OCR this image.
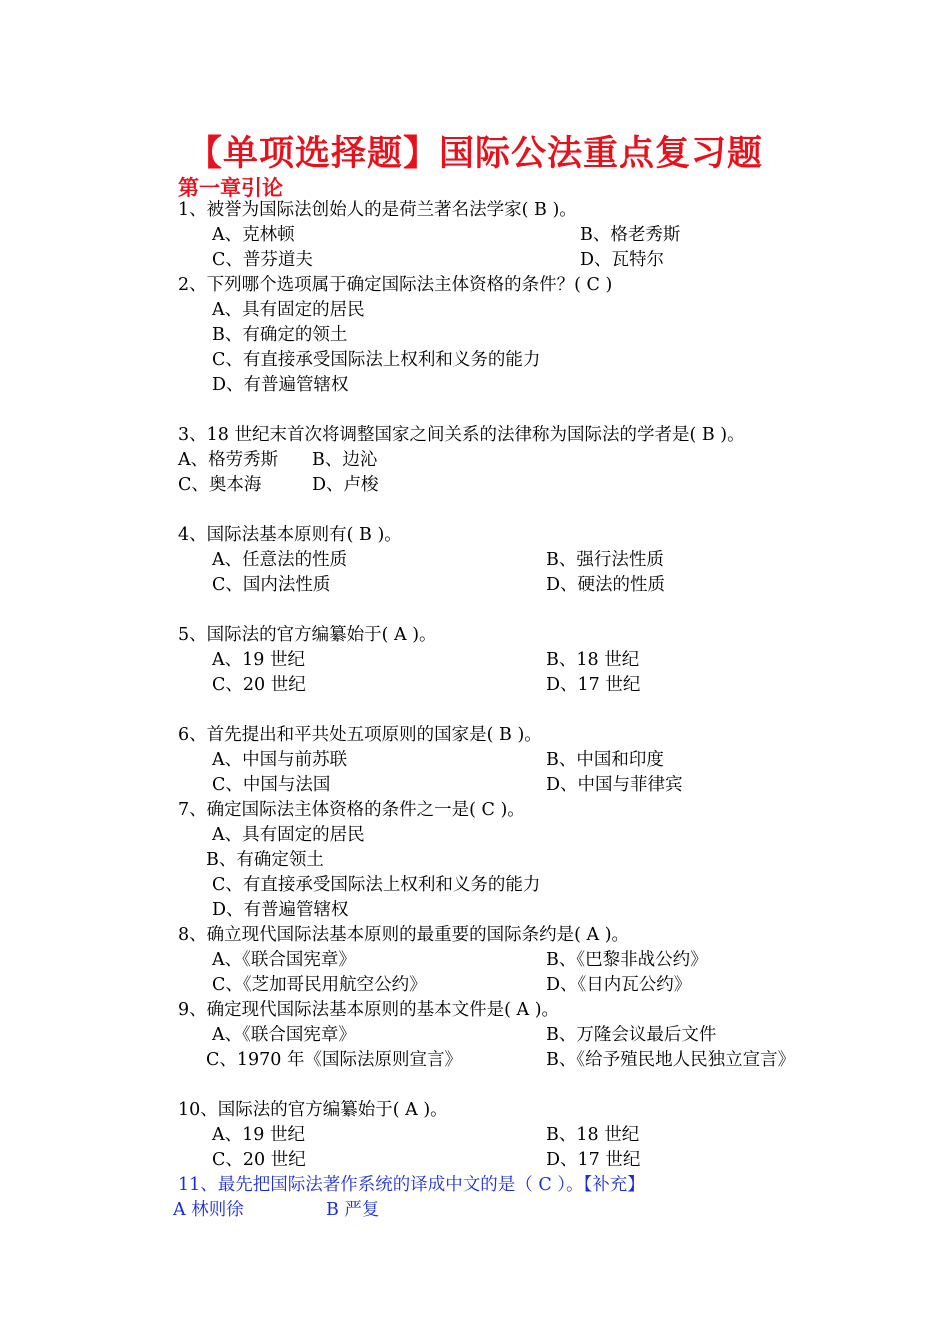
【单项选择题】国际公法重点复习题
第一章引论
1、被誉为国际法创始人的是荷兰著名法学家( B )。
A、克林顿	B、格老秀斯
C、普芬道夫	D、瓦特尔
2、下列哪个选项属于确定国际法主体资格的条件？( C )
A、具有固定的居民
B、有确定的领土
C、有直接承受国际法上权利和义务的能力
D、有普遍管辖权
3、18 世纪末首次将调整国家之间关系的法律称为国际法的学者是( B )。
A、格劳秀斯 B、边沁
C、奥本海	D、卢梭
4、国际法基本原则有( B )。
A、任意法的性质	B、强行法性质
C、国内法性质	D、硬法的性质
5、国际法的官方编纂始于( A )。
A、19 世纪	B、18 世纪
C、20 世纪	D、17 世纪
6、首先提出和平共处五项原则的国家是( B )。
A、中国与前苏联	B、中国和印度
C、中国与法国	D、中国与菲律宾
7、确定国际法主体资格的条件之一是( C )。
A、具有固定的居民
B、有确定领土
C、有直接承受国际法上权利和义务的能力
D、有普遍管辖权
8、确立现代国际法基本原则的最重要的国际条约是( A )。
A、《联合国宪章》	B、《巴黎非战公约》
C、《芝加哥民用航空公约》	D、《日内瓦公约》
9、确定现代国际法基本原则的基本文件是( A )。
A、《联合国宪章》	B、万隆会议最后文件
C、1970 年《国际法原则宣言》	B、《给予殖民地人民独立宣言》
10、国际法的官方编纂始于( A )。
A、19 世纪	B、18 世纪
C、20 世纪	D、17 世纪
11、最先把国际法著作系统的译成中文的是（ C ）。【补充】
A 林则徐	B 严复
